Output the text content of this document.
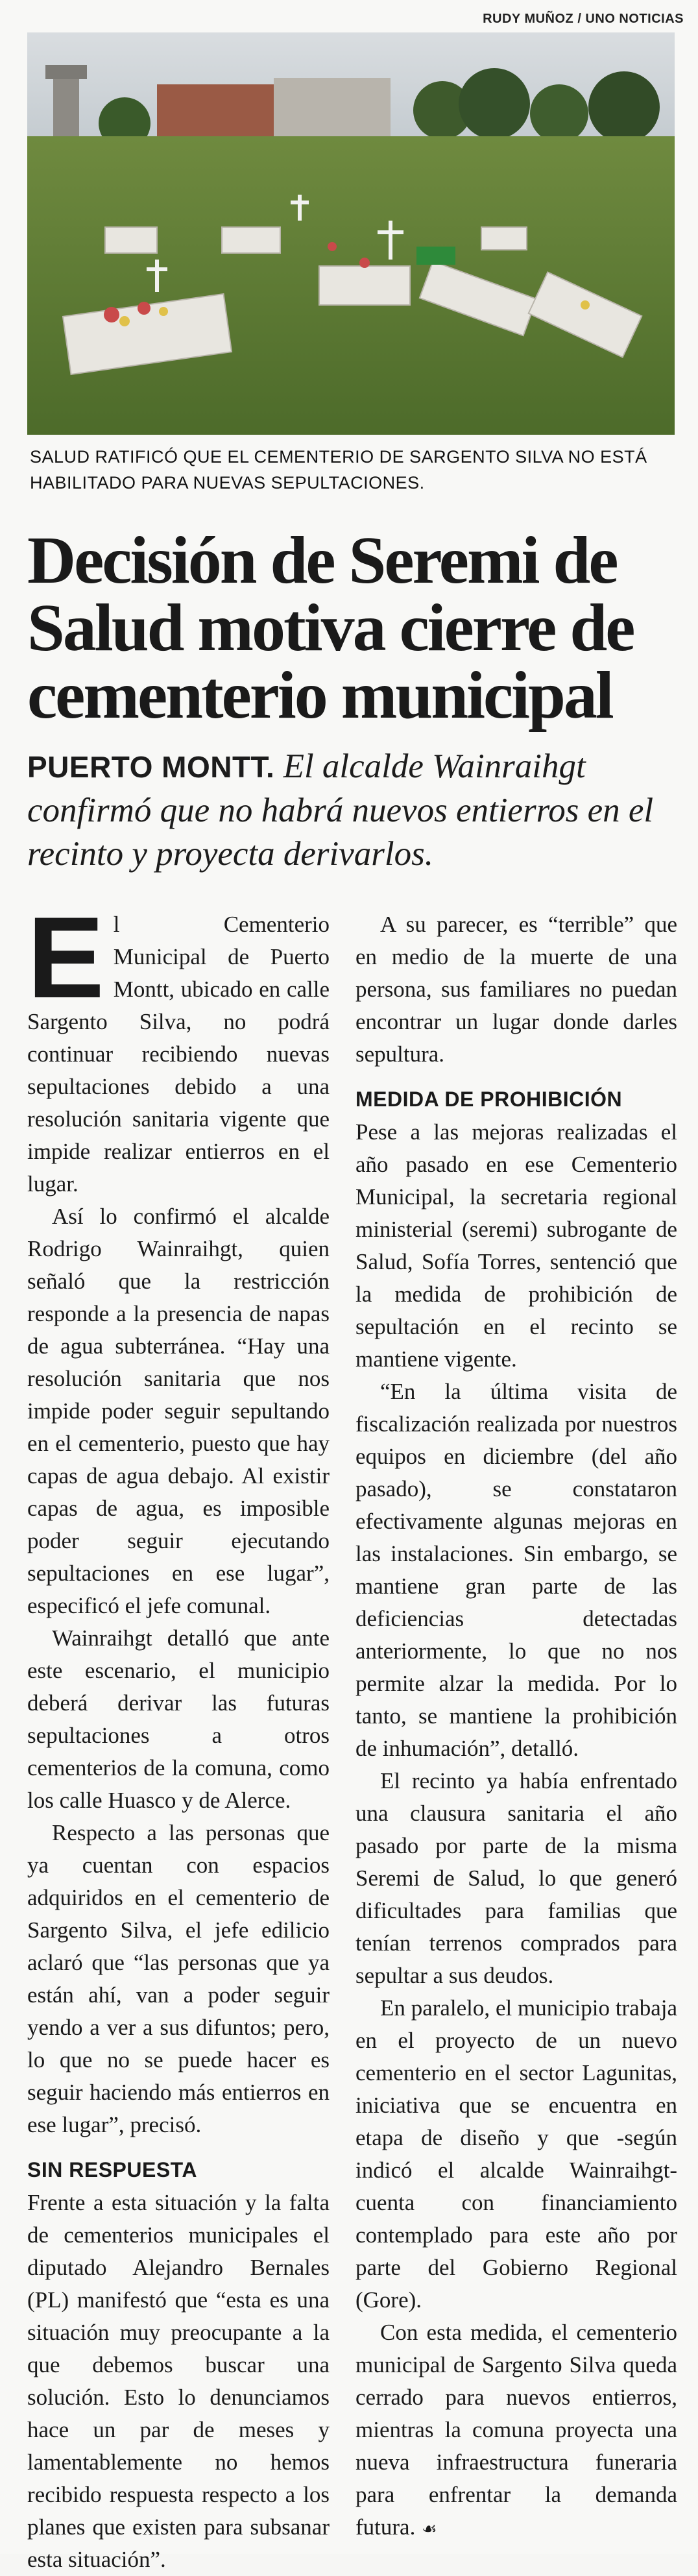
RUDY MUÑOZ / UNO NOTICIAS
SALUD RATIFICÓ QUE EL CEMENTERIO DE SARGENTO SILVA NO ESTÁ HABILITADO PARA NUEVAS SEPULTACIONES.
Decisión de Seremi de Salud motiva cierre de cementerio municipal
PUERTO MONTT. El alcalde Wainraihgt confirmó que no habrá nuevos entierros en el recinto y proyecta derivarlos.

El Cementerio Municipal de Puerto Montt, ubicado en calle Sargento Silva, no podrá continuar recibiendo nuevas sepultaciones debido a una resolución sanitaria vigente que impide realizar entierros en el lugar.

Así lo confirmó el alcalde Rodrigo Wainraihgt, quien señaló que la restricción responde a la presencia de napas de agua subterránea. “Hay una resolución sanitaria que nos impide poder seguir sepultando en el cementerio, puesto que hay capas de agua debajo. Al existir capas de agua, es imposible poder seguir ejecutando sepultaciones en ese lugar”, especificó el jefe comunal.

Wainraihgt detalló que ante este escenario, el municipio deberá derivar las futuras sepultaciones a otros cementerios de la comuna, como los calle Huasco y de Alerce.

Respecto a las personas que ya cuentan con espacios adquiridos en el cementerio de Sargento Silva, el jefe edilicio aclaró que “las personas que ya están ahí, van a poder seguir yendo a ver a sus difuntos; pero, lo que no se puede hacer es seguir haciendo más entierros en ese lugar”, precisó.

SIN RESPUESTA

Frente a esta situación y la falta de cementerios municipales el diputado Alejandro Bernales (PL) manifestó que “esta es una situación muy preocupante a la que debemos buscar una solución. Esto lo denunciamos hace un par de meses y lamentablemente no hemos recibido respuesta respecto a los planes que existen para subsanar esta situación”.

A su parecer, es “terrible” que en medio de la muerte de una persona, sus familiares no puedan encontrar un lugar donde darles sepultura.

MEDIDA DE PROHIBICIÓN

Pese a las mejoras realizadas el año pasado en ese Cementerio Municipal, la secretaria regional ministerial (seremi) subrogante de Salud, Sofía Torres, sentenció que la medida de prohibición de sepultación en el recinto se mantiene vigente.

“En la última visita de fiscalización realizada por nuestros equipos en diciembre (del año pasado), se constataron efectivamente algunas mejoras en las instalaciones. Sin embargo, se mantiene gran parte de las deficiencias detectadas anteriormente, lo que no nos permite alzar la medida. Por lo tanto, se mantiene la prohibición de inhumación”, detalló.

El recinto ya había enfrentado una clausura sanitaria el año pasado por parte de la misma Seremi de Salud, lo que generó dificultades para familias que tenían terrenos comprados para sepultar a sus deudos.

En paralelo, el municipio trabaja en el proyecto de un nuevo cementerio en el sector Lagunitas, iniciativa que se encuentra en etapa de diseño y que -según indicó el alcalde Wainraihgt- cuenta con financiamiento contemplado para este año por parte del Gobierno Regional (Gore).

Con esta medida, el cementerio municipal de Sargento Silva queda cerrado para nuevos entierros, mientras la comuna proyecta una nueva infraestructura funeraria para enfrentar la demanda futura. ☙
